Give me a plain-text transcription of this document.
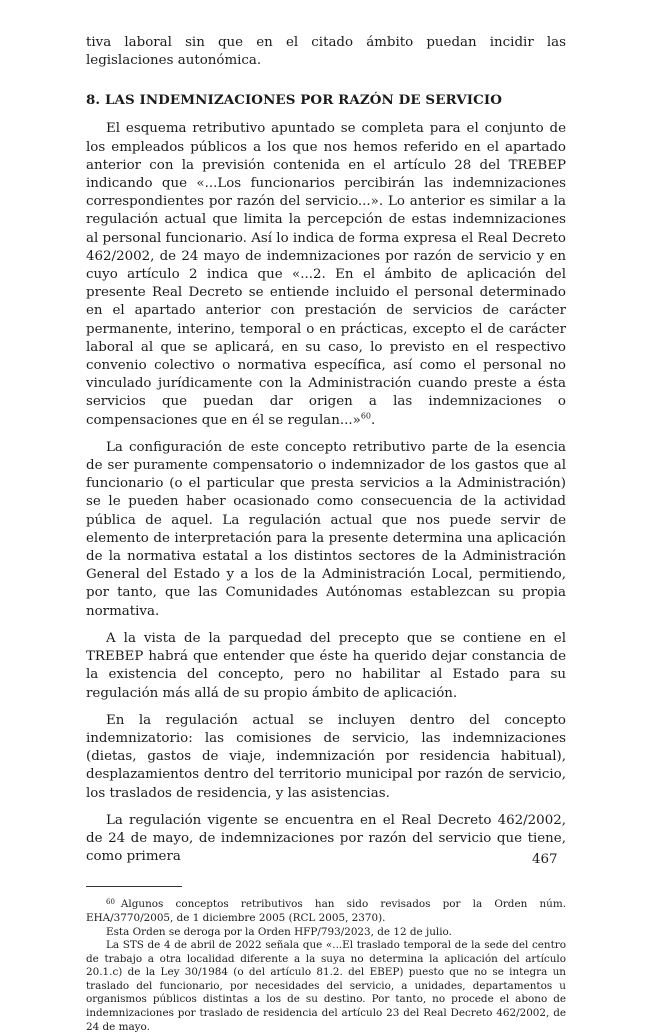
tiva laboral sin que en el citado ámbito puedan incidir las legislaciones autonómica.

8. LAS INDEMNIZACIONES POR RAZÓN DE SERVICIO

El esquema retributivo apuntado se completa para el conjunto de los empleados públicos a los que nos hemos referido en el apartado anterior con la previsión contenida en el artículo 28 del TREBEP indicando que «...Los funcionarios percibirán las indemnizaciones correspondientes por razón del servicio...». Lo anterior es similar a la regulación actual que limita la percepción de estas indemnizaciones al personal funcionario. Así lo indica de forma expresa el Real Decreto 462/2002, de 24 mayo de indemnizaciones por razón de servicio y en cuyo artículo 2 indica que «...2. En el ámbito de aplicación del presente Real Decreto se entiende incluido el personal determinado en el apartado anterior con prestación de servicios de carácter permanente, interino, temporal o en prácticas, excepto el de carácter laboral al que se aplicará, en su caso, lo previsto en el respectivo convenio colectivo o normativa específica, así como el personal no vinculado jurídicamente con la Administración cuando preste a ésta servicios que puedan dar origen a las indemnizaciones o compensaciones que en él se regulan...»$^{60}$.

La configuración de este concepto retributivo parte de la esencia de ser puramente compensatorio o indemnizador de los gastos que al funcionario (o el particular que presta servicios a la Administración) se le pueden haber ocasionado como consecuencia de la actividad pública de aquel. La regulación actual que nos puede servir de elemento de interpretación para la presente determina una aplicación de la normativa estatal a los distintos sectores de la Administración General del Estado y a los de la Administración Local, permitiendo, por tanto, que las Comunidades Autónomas establezcan su propia normativa.

A la vista de la parquedad del precepto que se contiene en el TREBEP habrá que entender que éste ha querido dejar constancia de la existencia del concepto, pero no habilitar al Estado para su regulación más allá de su propio ámbito de aplicación.

En la regulación actual se incluyen dentro del concepto indemnizatorio: las comisiones de servicio, las indemnizaciones (dietas, gastos de viaje, indemnización por residencia habitual), desplazamientos dentro del territorio municipal por razón de servicio, los traslados de residencia, y las asistencias.

La regulación vigente se encuentra en el Real Decreto 462/2002, de 24 de mayo, de indemnizaciones por razón del servicio que tiene, como primera

$^{60}$ Algunos conceptos retributivos han sido revisados por la Orden núm. EHA/3770/2005, de 1 diciembre 2005 (RCL 2005, 2370).

Esta Orden se deroga por la Orden HFP/793/2023, de 12 de julio.

La STS de 4 de abril de 2022 señala que «...El traslado temporal de la sede del centro de trabajo a otra localidad diferente a la suya no determina la aplicación del artículo 20.1.c) de la Ley 30/1984 (o del artículo 81.2. del EBEP) puesto que no se integra un traslado del funcionario, por necesidades del servicio, a unidades, departamentos u organismos públicos distintas a los de su destino. Por tanto, no procede el abono de indemnizaciones por traslado de residencia del artículo 23 del Real Decreto 462/2002, de 24 de mayo.

467
